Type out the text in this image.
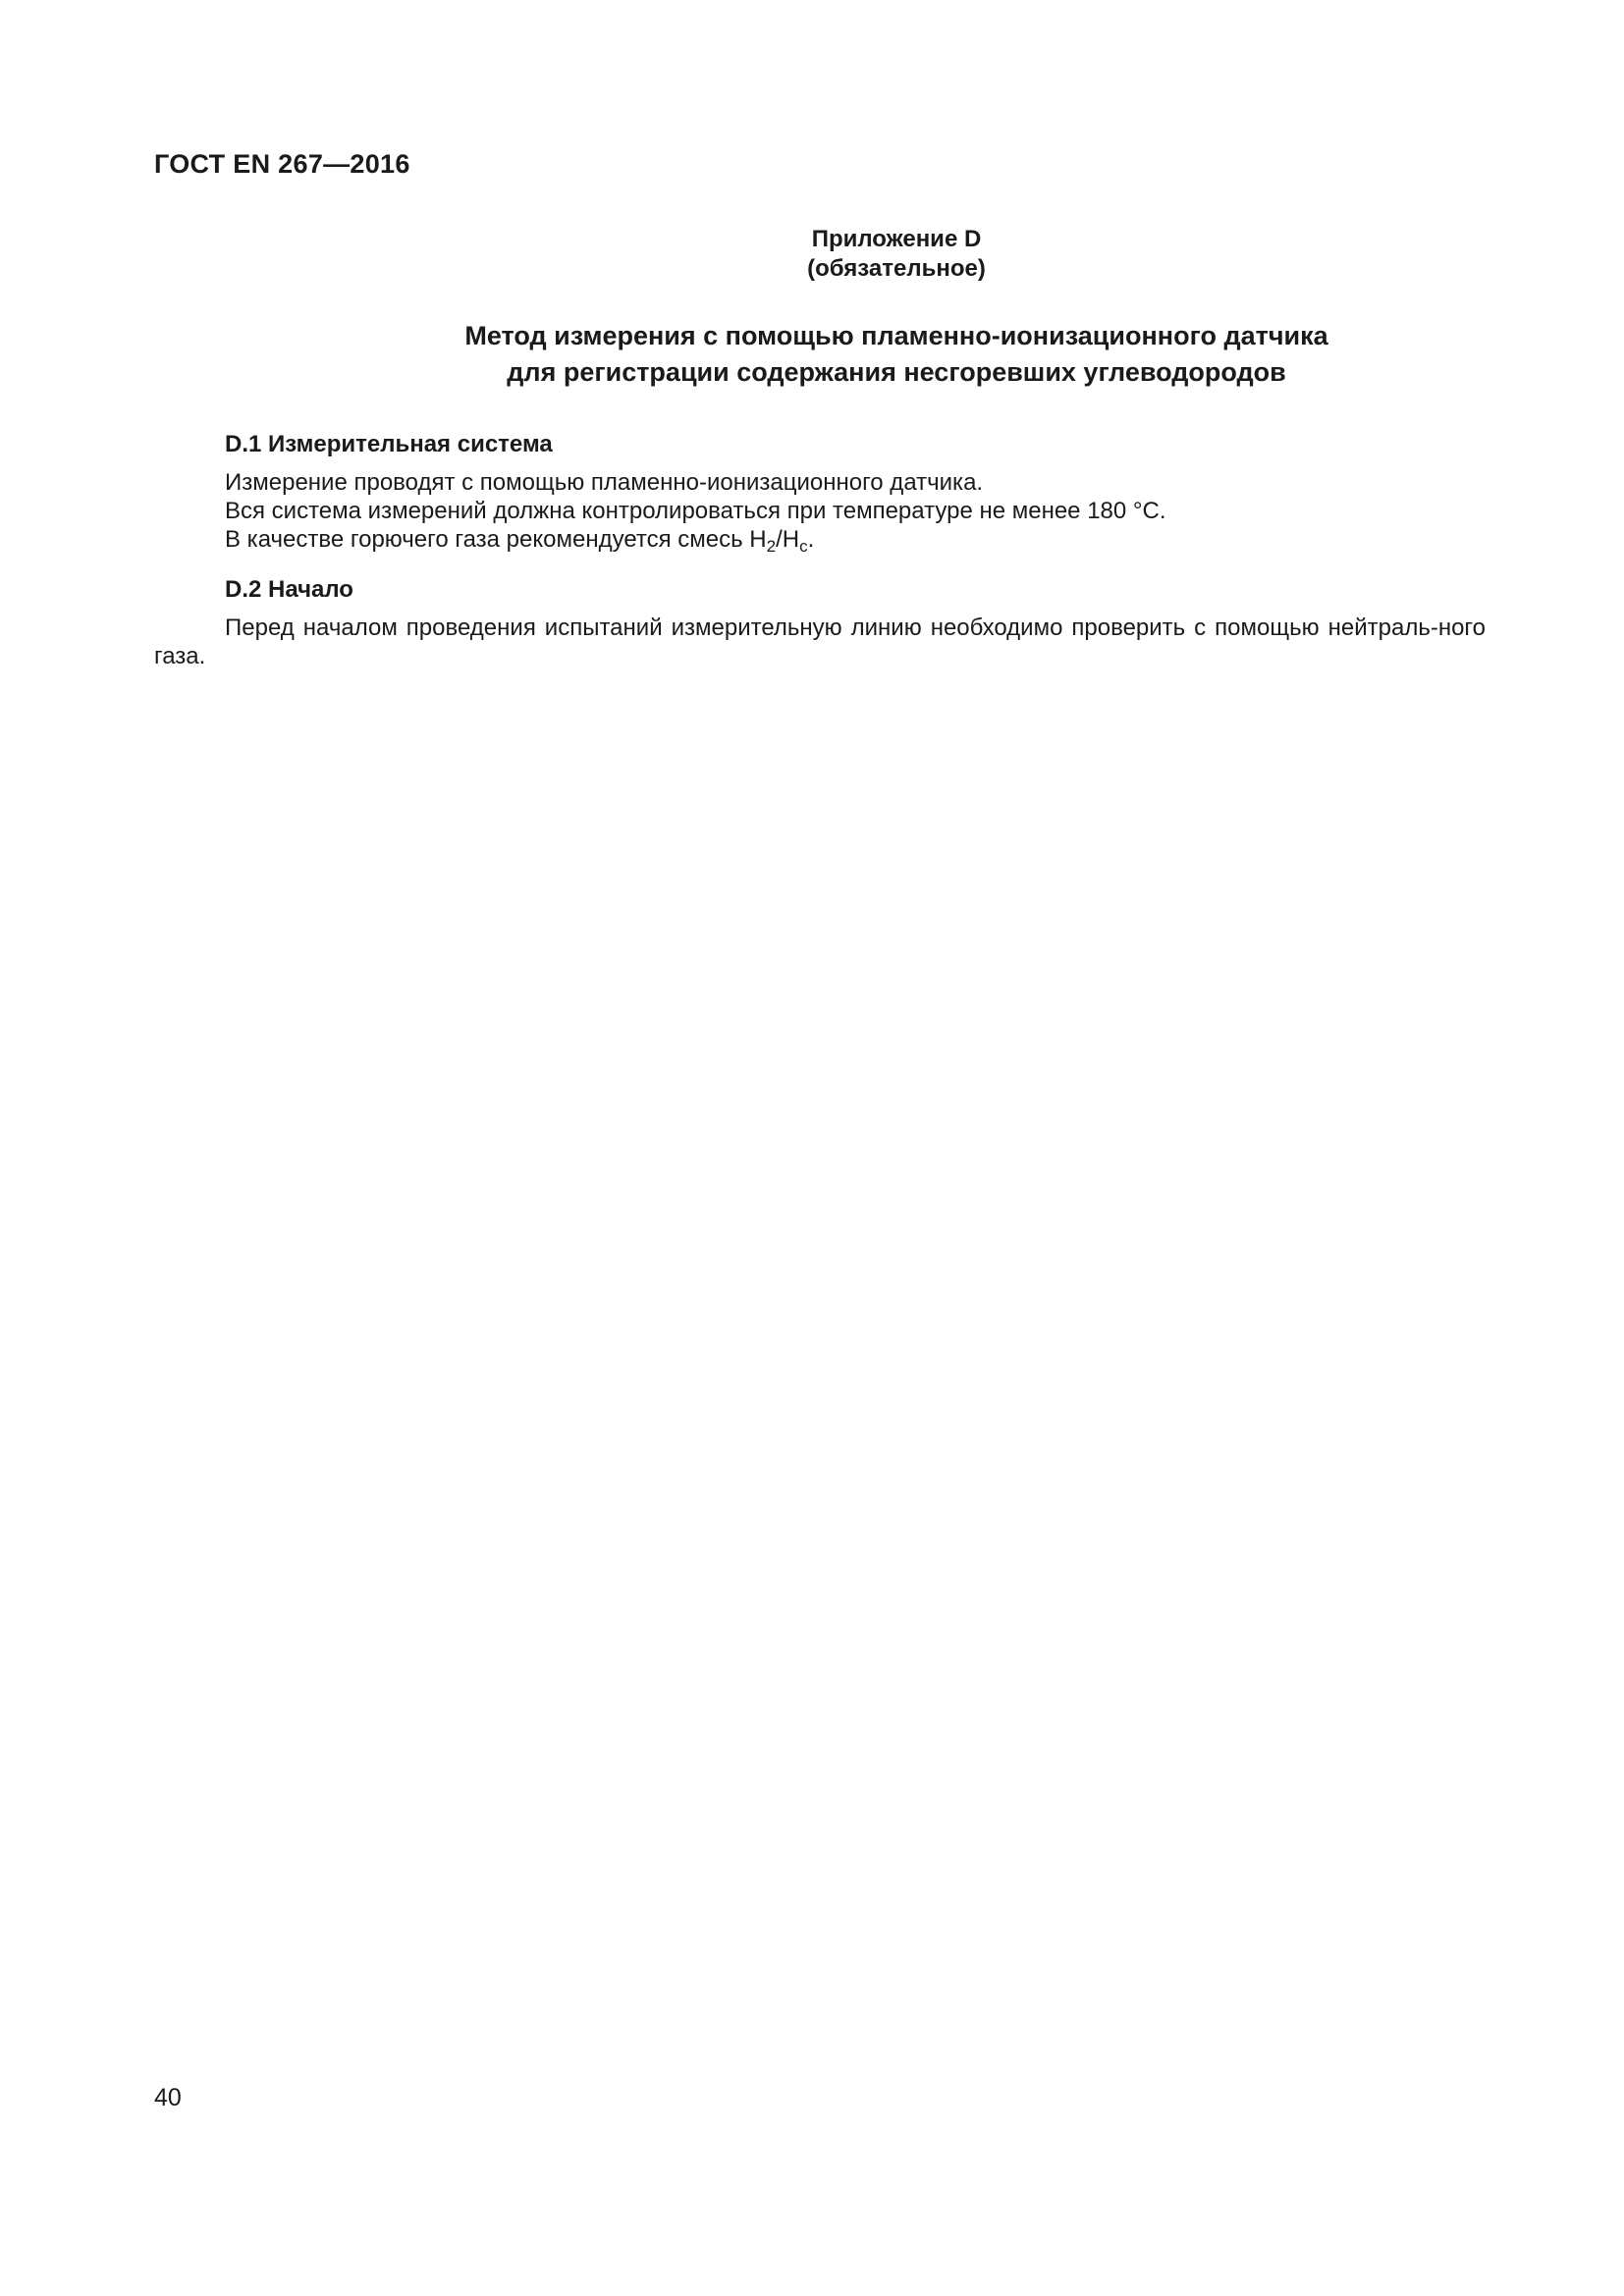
ГОСТ EN 267—2016
Приложение D
(обязательное)
Метод измерения с помощью пламенно-ионизационного датчика
для регистрации содержания несгоревших углеводородов

D.1 Измерительная система

Измерение проводят с помощью пламенно-ионизационного датчика.

Вся система измерений должна контролироваться при температуре не менее 180 °C.

В качестве горючего газа рекомендуется смесь $H_2/H_c$.

D.2 Начало

Перед началом проведения испытаний измерительную линию необходимо проверить с помощью нейтраль-ного газа.

40
